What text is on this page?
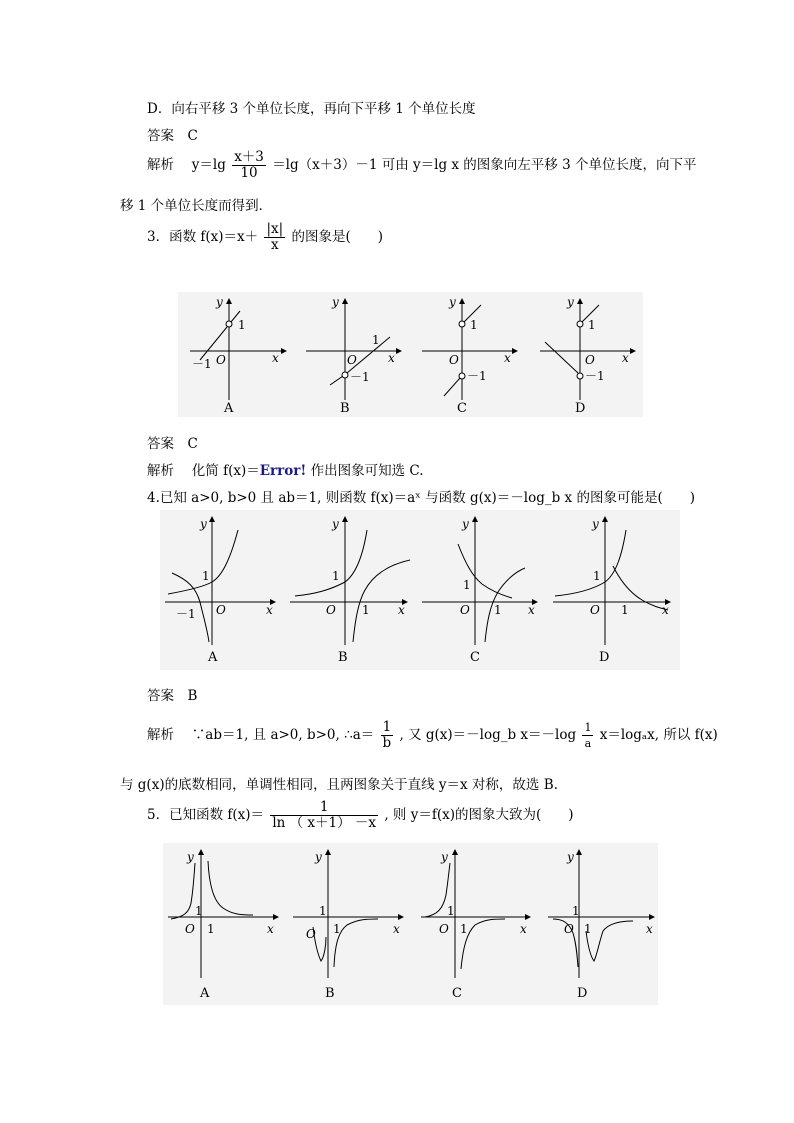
D．向右平移 3 个单位长度，再向下平移 1 个单位长度
答案　C
解析　 $y=\lg \frac{x+3}{10} =\lg(x+3)-1$ 可由 y＝lg x 的图象向左平移 3 个单位长度，向下平
移 1 个单位长度而得到．
3．函数 $f(x)=x+ \frac{|x|}{x}$ 的图象是(　　)
y
x
O
1
－1
A
y
x
O
1
－1
B
y
x
O
1
－1
C
y
x
O
1
－1
D
答案　C
解析　 化简 f(x)＝Error! 作出图象可知选 C.
4.已知 a>0, b>0 且 ab＝1, 则函数 f(x)＝aˣ 与函数 g(x)＝－log_b x 的图象可能是(　　)
y
x
O
1
－1
A
y
x
O
1
1
B
y
x
O
1
1
C
y
x
O
1
1
D
答案　B
解析　 ∵ab＝1, 且 a>0, b>0, ∴a＝ $\frac{1}{b}$ , 又 g(x)＝－log_b $x=-\log \frac{1}{a} x=\log_ax$, 所以 f(x)
与 g(x)的底数相同，单调性相同，且两图象关于直线 y＝x 对称，故选 B.
5．已知函数 $f(x)= \frac{1}{\ln ( x+1) -x}$ , 则 y＝f(x)的图象大致为(　　)
y
x
O
1
1
A
y
x
O
1
1
B
y
x
O
1
1
C
y
x
O
1
1
D
